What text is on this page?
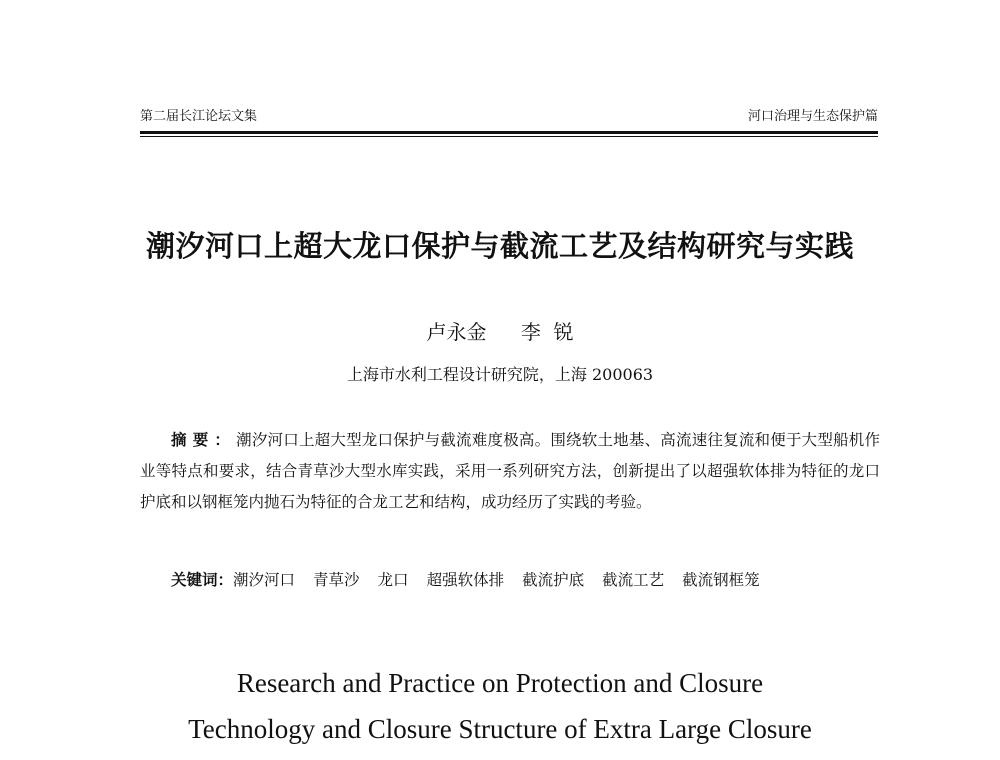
第二届长江论坛文集	河口治理与生态保护篇
潮汐河口上超大龙口保护与截流工艺及结构研究与实践
卢永金 李  锐
上海市水利工程设计研究院，上海 200063
摘要：潮汐河口上超大型龙口保护与截流难度极高。围绕软土地基、高流速往复流和便于大型船机作业等特点和要求，结合青草沙大型水库实践，采用一系列研究方法，创新提出了以超强软体排为特征的龙口护底和以钢框笼内抛石为特征的合龙工艺和结构，成功经历了实践的考验。
关键词：潮汐河口 青草沙 龙口 超强软体排 截流护底 截流工艺 截流钢框笼
Research and Practice on Protection and Closure
Technology and Closure Structure of Extra Large Closure
